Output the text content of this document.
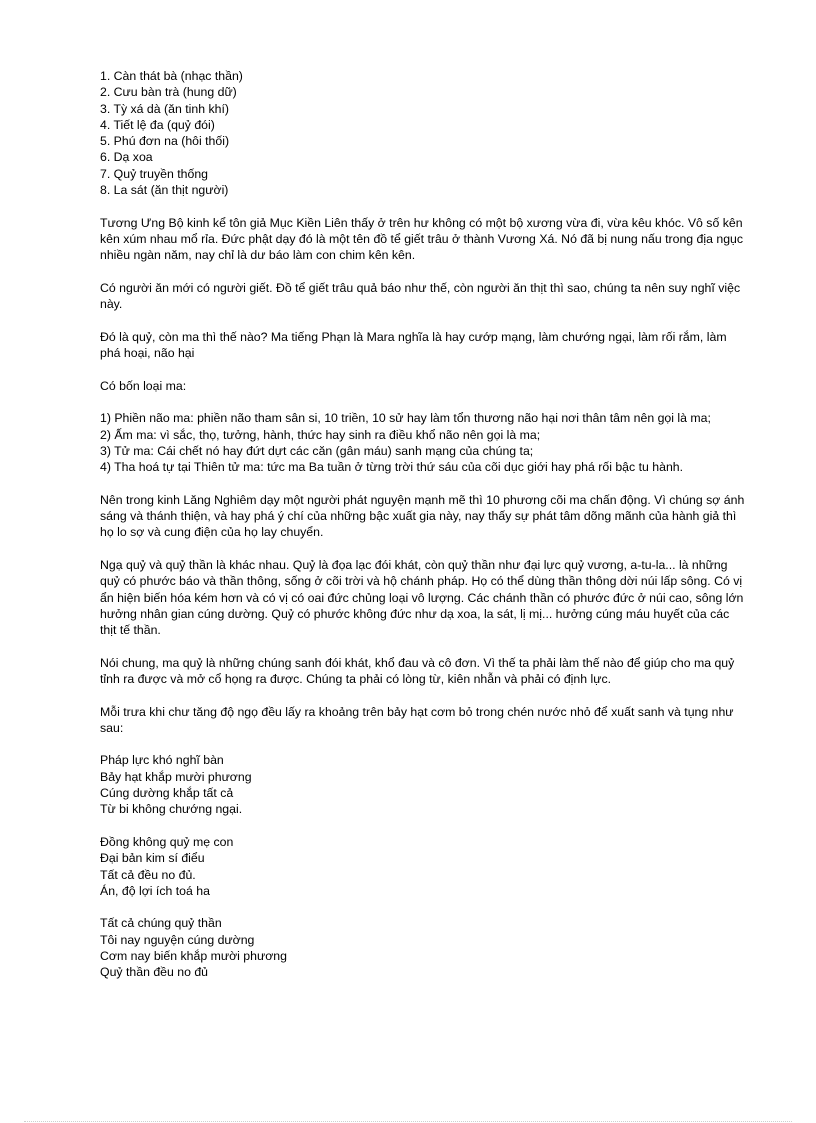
1. Càn thát bà (nhạc thần)

2. Cưu bàn trà (hung dữ)

3. Tỳ xá dà (ăn tinh khí)

4. Tiết lệ đa (quỷ đói)

5. Phú đơn na (hôi thối)

6. Dạ xoa

7. Quỷ truyền thống

8. La sát (ăn thịt người)

Tương Ưng Bộ kinh kể tôn giả Mục Kiền Liên thấy ở trên hư không có một bộ xương vừa đi, vừa kêu khóc. Vô số kên kên xúm nhau mổ rỉa. Đức phật dạy đó là một tên đồ tể giết trâu ở thành Vương Xá. Nó đã bị nung nấu trong địa ngục nhiều ngàn năm, nay chỉ là dư báo làm con chim kên kên.

Có người ăn mới có người giết. Đồ tể giết trâu quả báo như thế, còn người ăn thịt thì sao, chúng ta nên suy nghĩ việc này.

Đó là quỷ, còn ma thì thế nào? Ma tiếng Phạn là Mara nghĩa là hay cướp mạng, làm chướng ngại, làm rối rắm, làm phá hoại, não hại

Có bốn loại ma:

1) Phiền não ma: phiền não tham sân si, 10 triền, 10 sử hay làm tổn thương não hại nơi thân tâm nên gọi là ma;

2) Ấm ma: vì sắc, thọ, tưởng, hành, thức hay sinh ra điều khổ não nên gọi là ma;

3) Tử ma: Cái chết nó hay đứt dựt các căn (gân máu) sanh mạng của chúng ta;

4) Tha hoá tự tại Thiên tử ma: tức ma Ba tuần ở từng trời thứ sáu của cõi dục giới hay phá rối bậc tu hành.

Nên trong kinh Lăng Nghiêm dạy một người phát nguyện mạnh mẽ thì 10 phương cõi ma chấn động. Vì chúng sợ ánh sáng và thánh thiện, và hay phá ý chí của những bậc xuất gia này, nay thấy sự phát tâm dõng mãnh của hành giả thì họ lo sợ và cung điện của họ lay chuyển.

Ngạ quỷ và quỷ thần là khác nhau. Quỷ là đọa lạc đói khát, còn quỷ thần như đại lực quỷ vương, a-tu-la... là những quỷ có phước báo và thần thông, sống ở cõi trời và hộ chánh pháp. Họ có thể dùng thần thông dời núi lấp sông. Có vị ẩn hiện biến hóa kém hơn và có vị có oai đức chủng loại vô lượng. Các chánh thần có phước đức ở núi cao, sông lớn hưởng nhân gian cúng dường. Quỷ có phước không đức như dạ xoa, la sát, lị mị... hưởng cúng máu huyết của các thịt tế thần.

Nói chung, ma quỷ là những chúng sanh đói khát, khổ đau và cô đơn. Vì thế ta phải làm thế nào để giúp cho ma quỷ tỉnh ra được và mở cổ họng ra được. Chúng ta phải có lòng từ, kiên nhẫn và phải có định lực.

Mỗi trưa khi chư tăng độ ngọ đều lấy ra khoảng trên bảy hạt cơm bỏ trong chén nước nhỏ để xuất sanh và tụng như sau:

Pháp lực khó nghĩ bàn

Bảy hạt khắp mười phương

Cúng dường khắp tất cả

Từ bi không chướng ngại.

Đồng không quỷ mẹ con

Đại bản kim sí điểu

Tất cả đều no đủ.

Án, độ lợi ích toá ha

Tất cả chúng quỷ thần

Tôi nay nguyện cúng dường

Cơm nay biến khắp mười phương

Quỷ thần đều no đủ
